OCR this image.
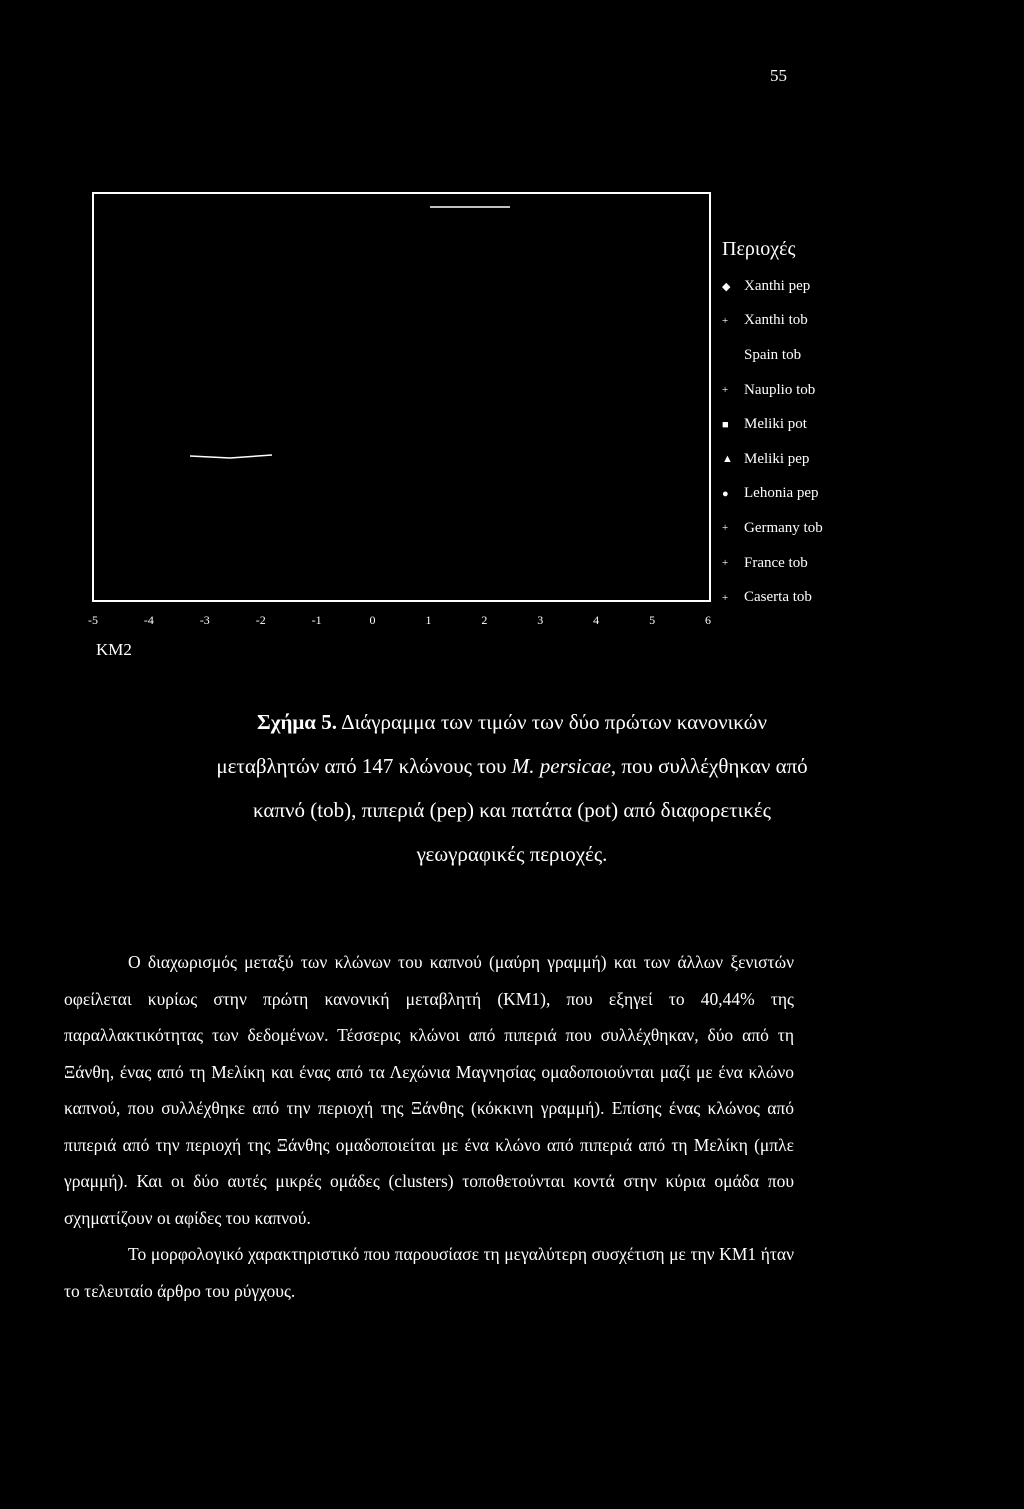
55
-5	-4	-3	-2	-1	0	1	2	3	4	5	6
Περιοχές
◆ Xanthi pep
+	Xanthi tob
Spain tob
+	Nauplio tob
■	Meliki pot
▲ Meliki pep
●	Lehonia pep
+	Germany tob
+	France tob
+	Caserta tob
KM2
Σχήμα 5. Διάγραμμα των τιμών των δύο πρώτων κανονικών
μεταβλητών από 147 κλώνους του M. persicae, που συλλέχθηκαν από
καπνό (tob), πιπεριά (pep) και πατάτα (pot) από διαφορετικές
γεωγραφικές περιοχές.
Ο διαχωρισμός μεταξύ των κλώνων του καπνού (μαύρη γραμμή) και των άλλων ξενιστών οφείλεται κυρίως στην πρώτη κανονική μεταβλητή (ΚΜ1), που εξηγεί το 40,44% της παραλλακτικότητας των δεδομένων. Τέσσερις κλώνοι από πιπεριά που συλλέχθηκαν, δύο από τη Ξάνθη, ένας από τη Μελίκη και ένας από τα Λεχώνια Μαγνησίας ομαδοποιούνται μαζί με ένα κλώνο καπνού, που συλλέχθηκε από την περιοχή της Ξάνθης (κόκκινη γραμμή). Επίσης ένας κλώνος από πιπεριά από την περιοχή της Ξάνθης ομαδοποιείται με ένα κλώνο από πιπεριά από τη Μελίκη (μπλε γραμμή). Και οι δύο αυτές μικρές ομάδες (clusters) τοποθετούνται κοντά στην κύρια ομάδα που σχηματίζουν οι αφίδες του καπνού.
Το μορφολογικό χαρακτηριστικό που παρουσίασε τη μεγαλύτερη συσχέτιση με την ΚΜ1 ήταν το τελευταίο άρθρο του ρύγχους.
